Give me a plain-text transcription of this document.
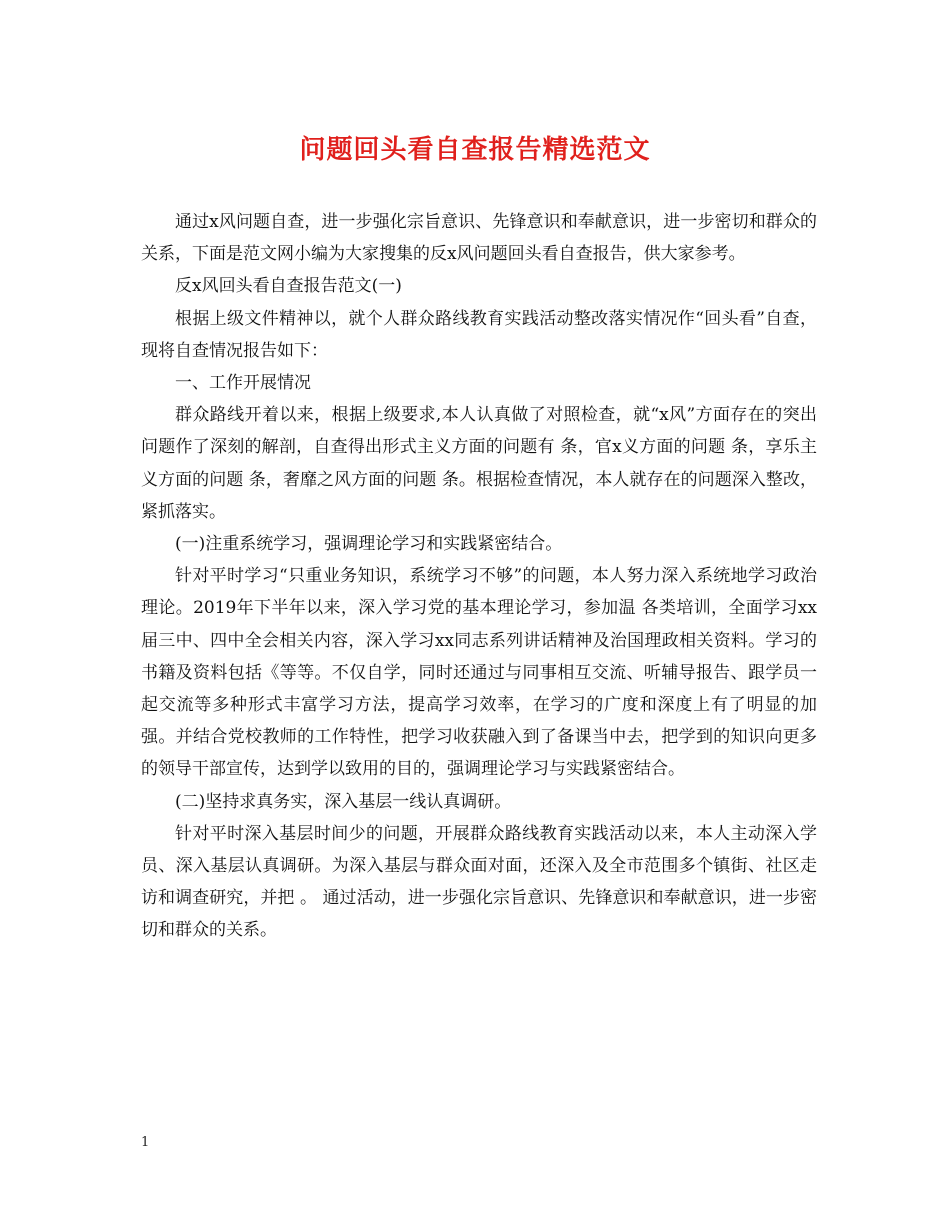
问题回头看自查报告精选范文

通过x风问题自查，进一步强化宗旨意识、先锋意识和奉献意识，进一步密切和群众的关系，下面是范文网小编为大家搜集的反x风问题回头看自查报告，供大家参考。

反x风回头看自查报告范文(一)

根据上级文件精神以，就个人群众路线教育实践活动整改落实情况作“回头看”自查，现将自查情况报告如下：

一、工作开展情况

群众路线开着以来，根据上级要求,本人认真做了对照检查，就“x风”方面存在的突出问题作了深刻的解剖，自查得出形式主义方面的问题有 条，官x义方面的问题 条，享乐主义方面的问题 条，奢靡之风方面的问题 条。根据检查情况，本人就存在的问题深入整改，紧抓落实。

(一)注重系统学习，强调理论学习和实践紧密结合。

针对平时学习“只重业务知识，系统学习不够”的问题，本人努力深入系统地学习政治理论。2019年下半年以来，深入学习党的基本理论学习，参加温 各类培训，全面学习xx届三中、四中全会相关内容，深入学习xx同志系列讲话精神及治国理政相关资料。学习的书籍及资料包括《等等。不仅自学，同时还通过与同事相互交流、听辅导报告、跟学员一起交流等多种形式丰富学习方法，提高学习效率，在学习的广度和深度上有了明显的加强。并结合党校教师的工作特性，把学习收获融入到了备课当中去，把学到的知识向更多的领导干部宣传，达到学以致用的目的，强调理论学习与实践紧密结合。

(二)坚持求真务实，深入基层一线认真调研。

针对平时深入基层时间少的问题，开展群众路线教育实践活动以来，本人主动深入学员、深入基层认真调研。为深入基层与群众面对面，还深入及全市范围多个镇街、社区走访和调查研究，并把 。 通过活动，进一步强化宗旨意识、先锋意识和奉献意识，进一步密切和群众的关系。

1
